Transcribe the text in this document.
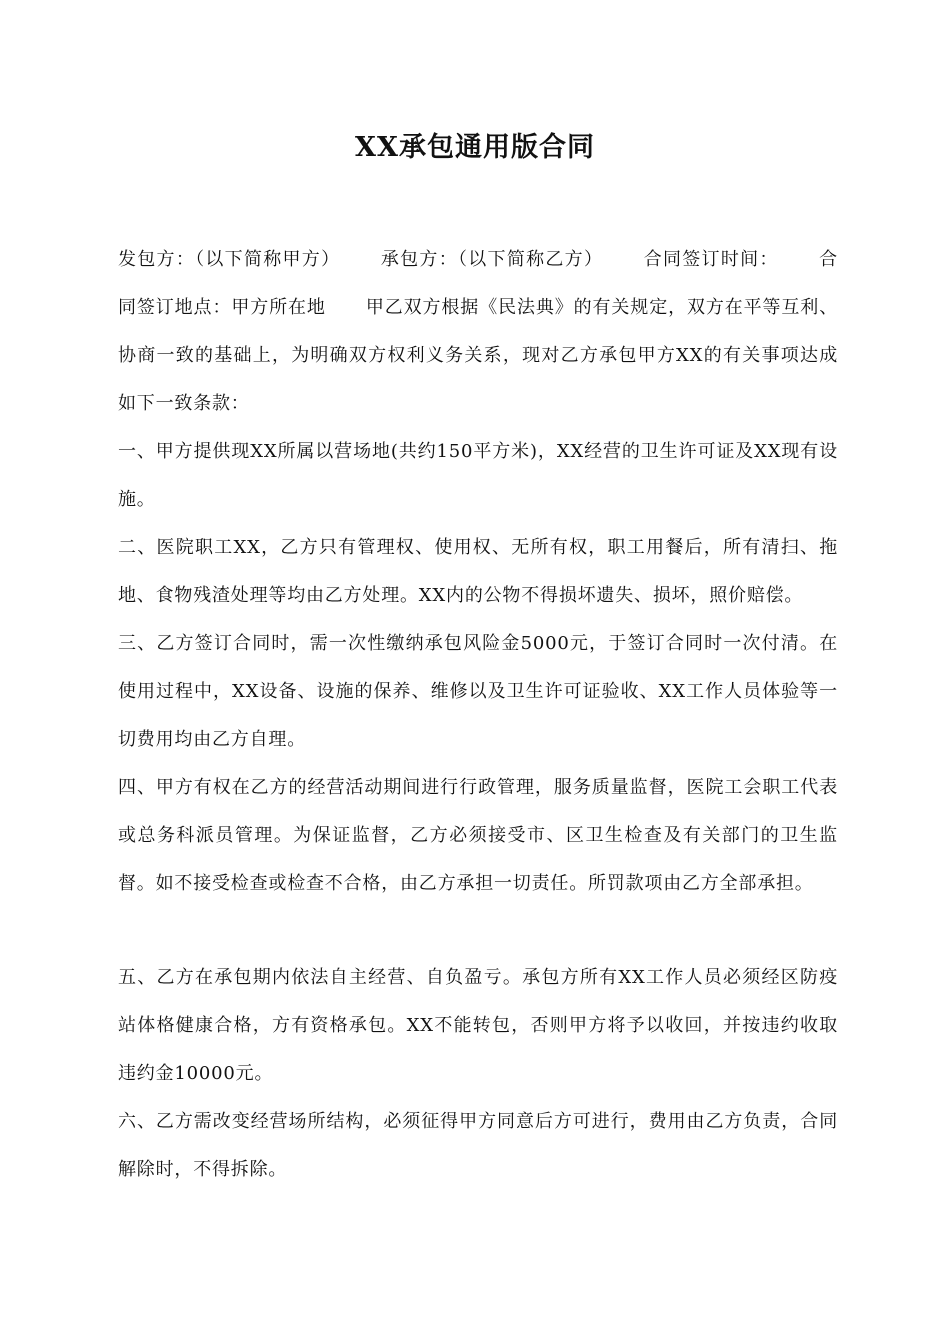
XX承包通用版合同

发包方：（以下简称甲方） 承包方：（以下简称乙方） 合同签订时间： 合同签订地点：甲方所在地 甲乙双方根据《民法典》的有关规定，双方在平等互利、协商一致的基础上，为明确双方权利义务关系，现对乙方承包甲方XX的有关事项达成如下一致条款：

一、甲方提供现XX所属以营场地(共约150平方米)，XX经营的卫生许可证及XX现有设施。

二、医院职工XX，乙方只有管理权、使用权、无所有权，职工用餐后，所有清扫、拖地、食物残渣处理等均由乙方处理。XX内的公物不得损坏遗失、损坏，照价赔偿。

三、乙方签订合同时，需一次性缴纳承包风险金5000元，于签订合同时一次付清。在使用过程中，XX设备、设施的保养、维修以及卫生许可证验收、XX工作人员体验等一切费用均由乙方自理。

四、甲方有权在乙方的经营活动期间进行行政管理，服务质量监督，医院工会职工代表或总务科派员管理。为保证监督，乙方必须接受市、区卫生检查及有关部门的卫生监督。如不接受检查或检查不合格，由乙方承担一切责任。所罚款项由乙方全部承担。

五、乙方在承包期内依法自主经营、自负盈亏。承包方所有XX工作人员必须经区防疫站体格健康合格，方有资格承包。XX不能转包，否则甲方将予以收回，并按违约收取违约金10000元。

六、乙方需改变经营场所结构，必须征得甲方同意后方可进行，费用由乙方负责，合同解除时，不得拆除。
